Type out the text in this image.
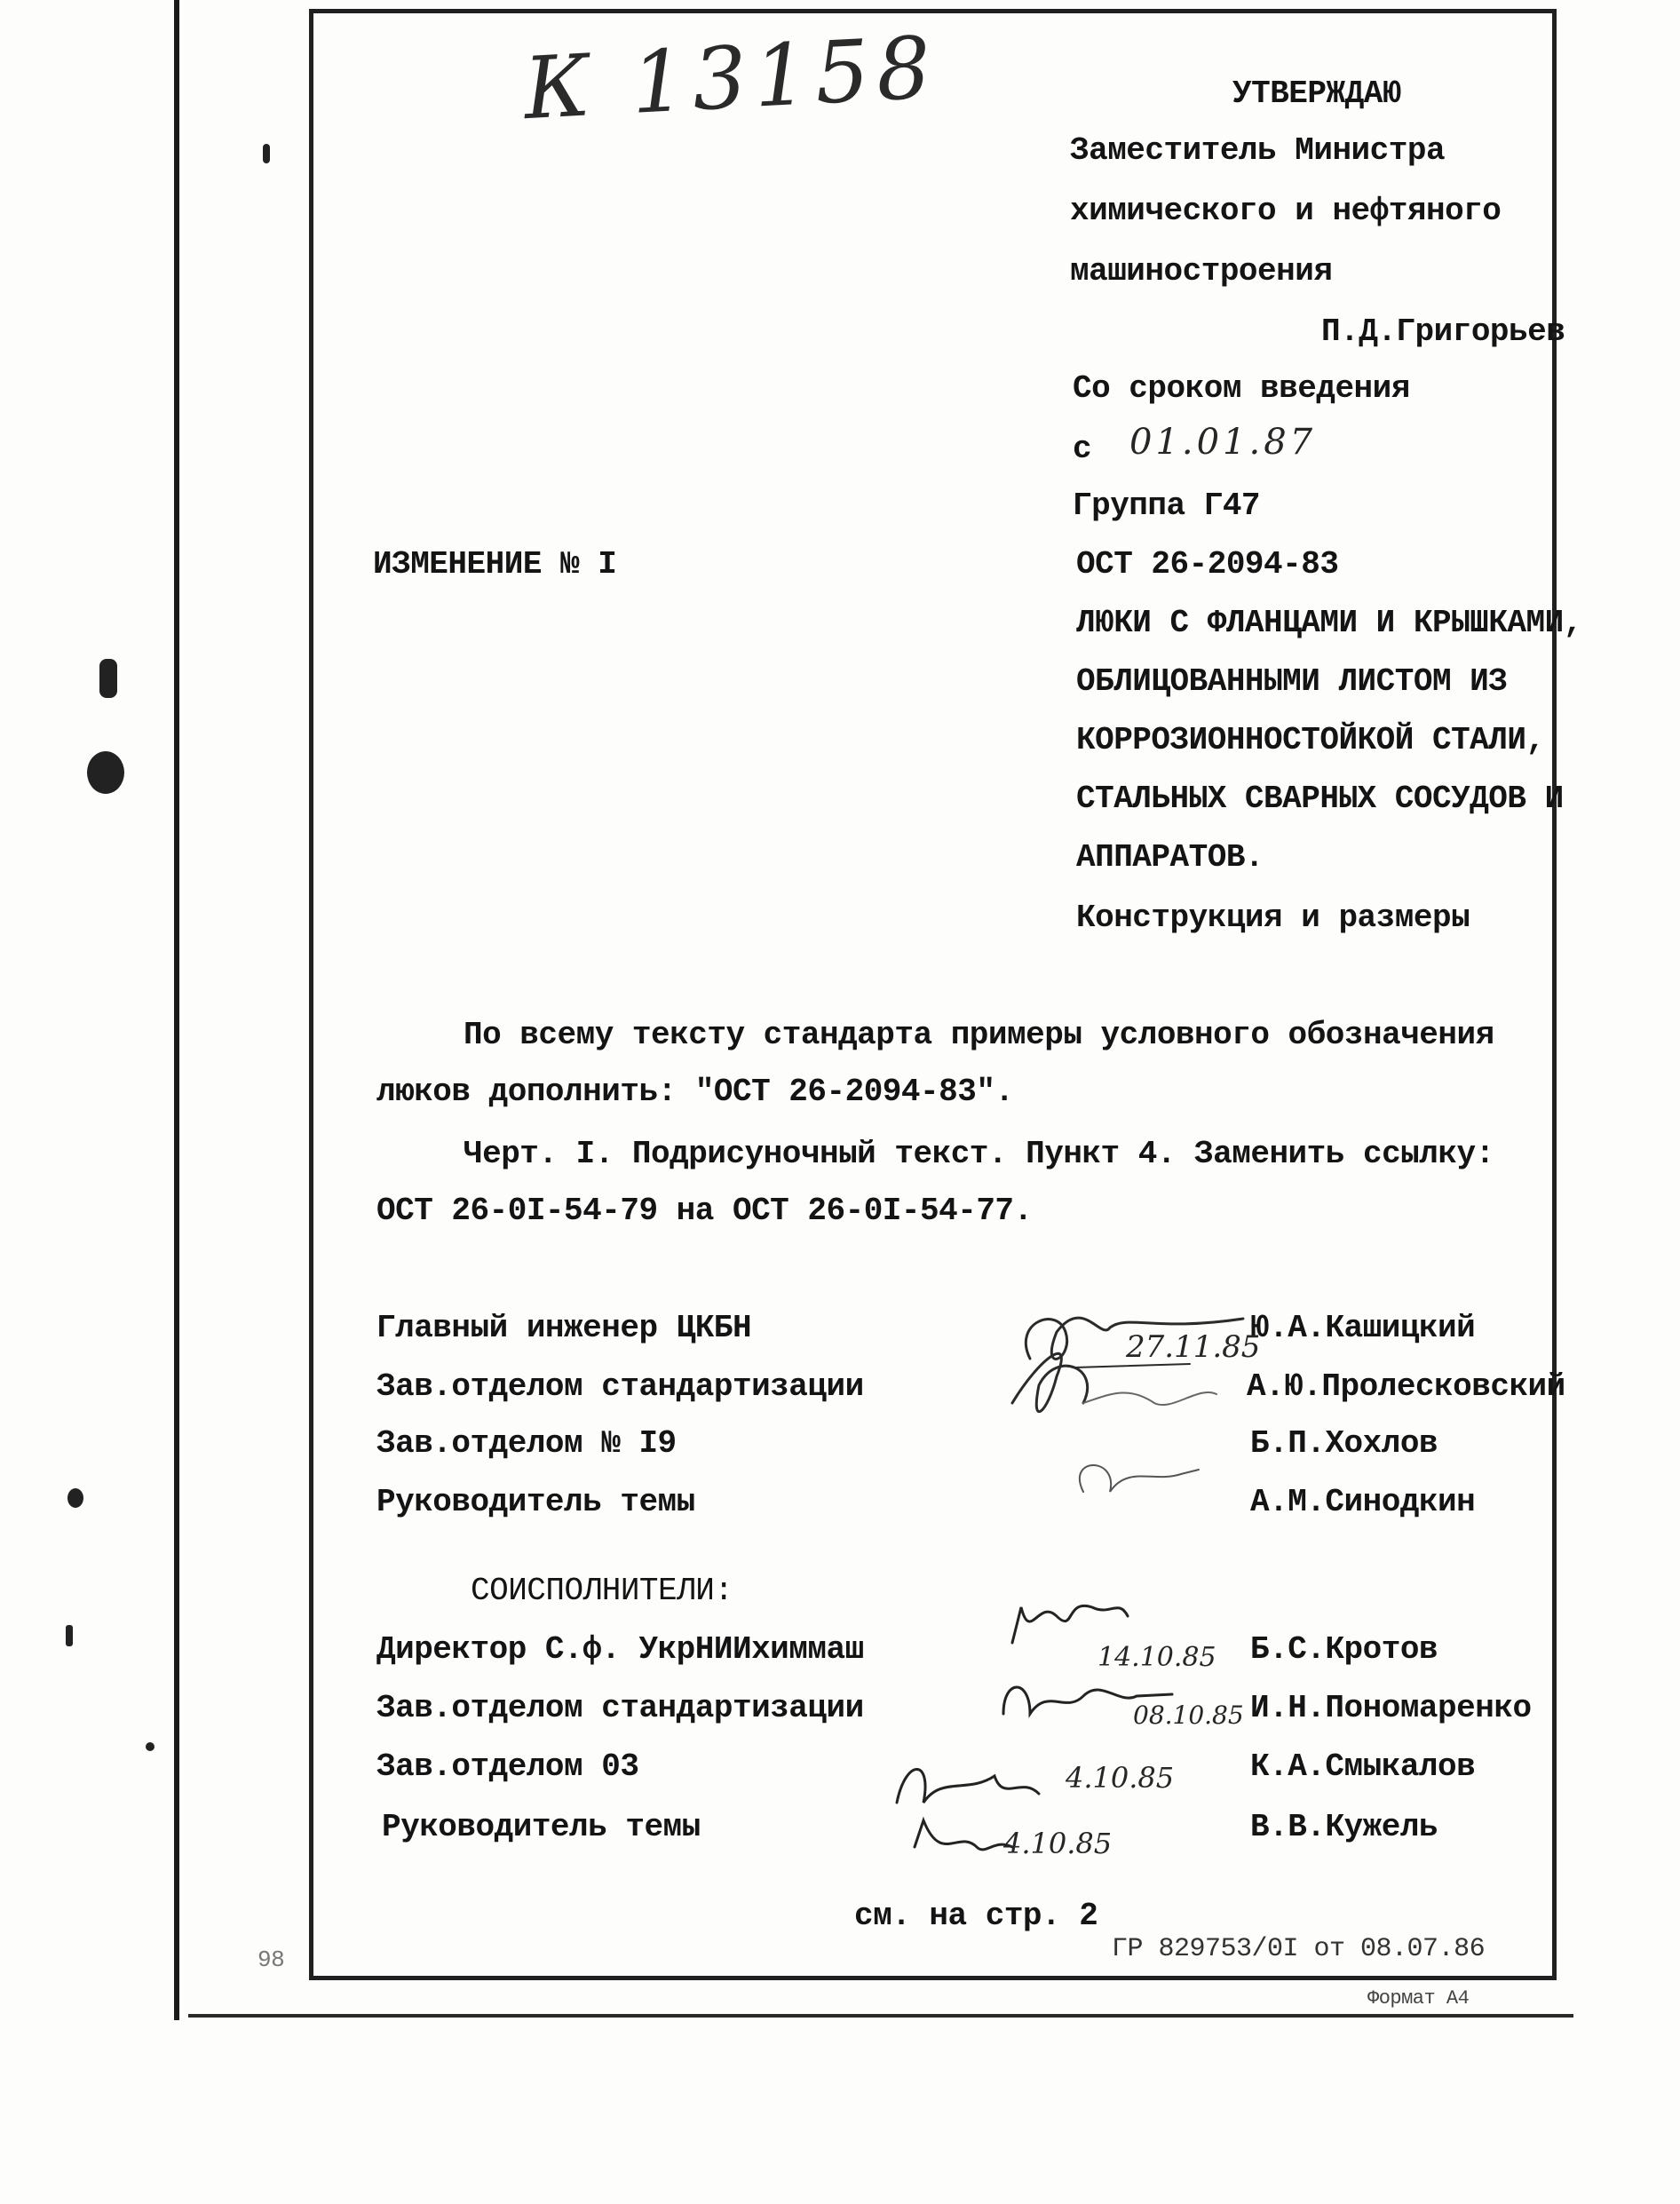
К 13158	УТВЕРЖДАЮ
Заместитель Министра
химического и нефтяного
машиностроения
П.Д.Григорьев
Со сроком введения
с 01.01.87
Группа Г47
ОСТ 26-2094-83
ИЗМЕНЕНИЕ № I
ЛЮКИ С ФЛАНЦАМИ И КРЫШКАМИ,
ОБЛИЦОВАННЫМИ ЛИСТОМ ИЗ
КОРРОЗИОННОСТОЙКОЙ СТАЛИ,
СТАЛЬНЫХ СВАРНЫХ СОСУДОВ И
АППАРАТОВ.
Конструкция и размеры
По всему тексту стандарта примеры условного обозначения
люков дополнить: "ОСТ 26-2094-83".
Черт. I. Подрисуночный текст. Пункт 4. Заменить ссылку:
ОСТ 26-0I-54-79 на ОСТ 26-0I-54-77.
Главный инженер ЦКБН	Ю.А.Кашицкий
Зав.отделом стандартизации	А.Ю.Пролесковский
Зав.отделом № I9	Б.П.Хохлов
Руководитель темы	А.М.Синодкин
СОИСПОЛНИТЕЛИ:
Директор С.ф. УкрНИИхиммаш	Б.С.Кротов
Зав.отделом стандартизации	И.Н.Пономаренко
Зав.отделом 03	К.А.Смыкалов
Руководитель темы	В.В.Кужель
27.11.85
14.10.85
08.10.85
4.10.85
4.10.85
см. на стр. 2
ГР 829753/0I от 08.07.86
Формат А4
98
